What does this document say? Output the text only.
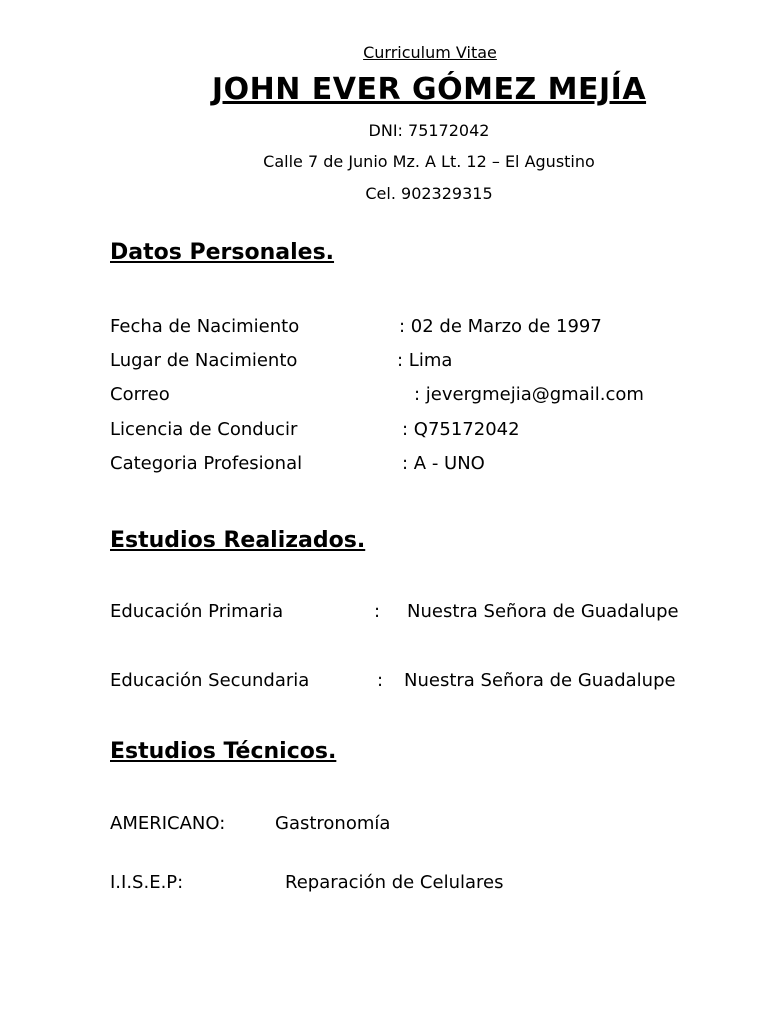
Curriculum Vitae
JOHN EVER GÓMEZ MEJÍA
DNI: 75172042
Calle 7 de Junio Mz. A Lt. 12 – El Agustino
Cel. 902329315
Datos Personales.
Fecha de Nacimiento	: 02 de Marzo de 1997
Lugar de Nacimiento	: Lima
Correo	: jevergmejia@gmail.com
Licencia de Conducir	: Q75172042
Categoria Profesional	: A - UNO
Estudios Realizados.
Educación Primaria	: Nuestra Señora de Guadalupe
Educación Secundaria	: Nuestra Señora de Guadalupe
Estudios Técnicos.
AMERICANO:	Gastronomía
I.I.S.E.P:	Reparación de Celulares
